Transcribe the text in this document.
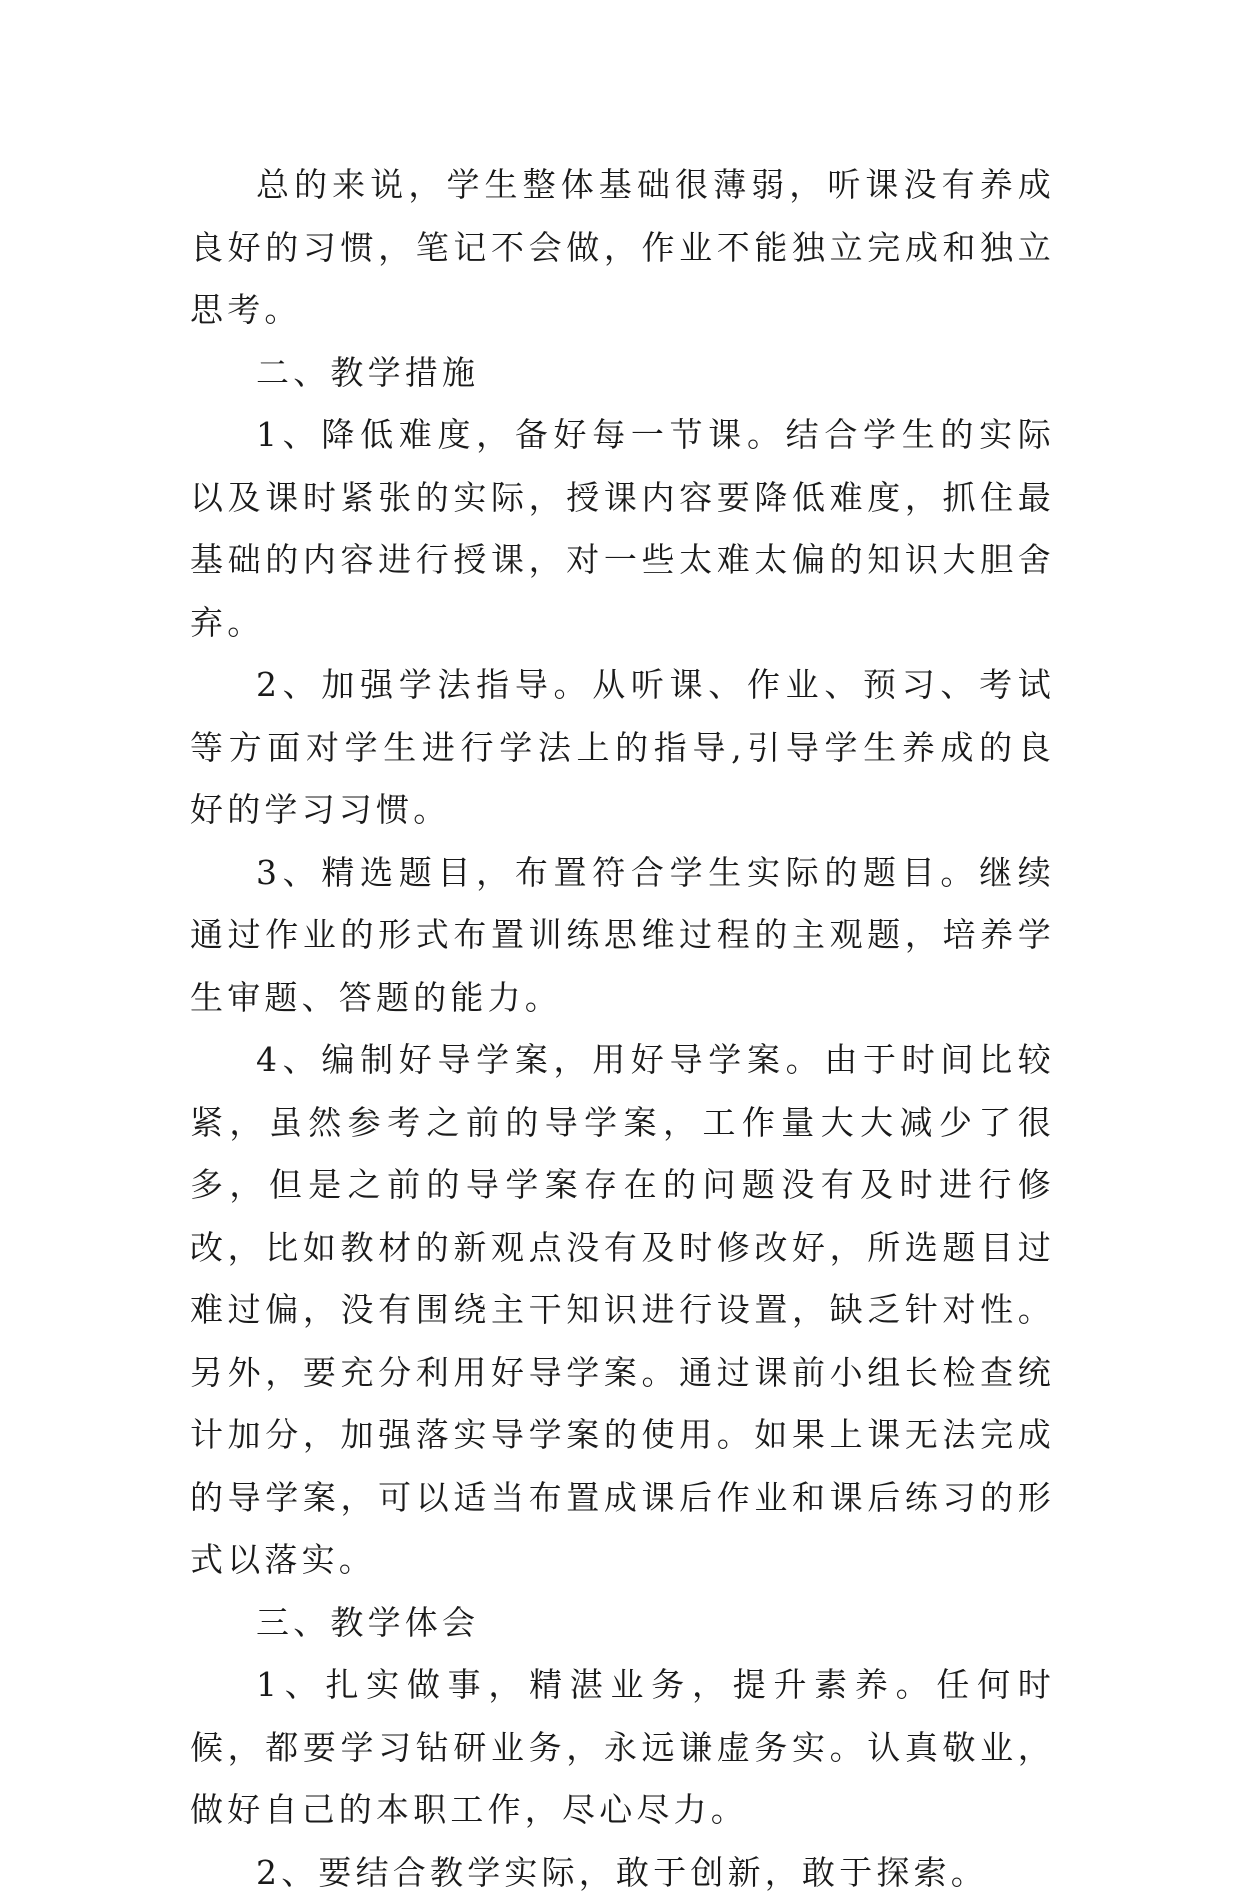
总的来说，学生整体基础很薄弱，听课没有养成良好的习惯，笔记不会做，作业不能独立完成和独立思考。

二、教学措施

1、降低难度，备好每一节课。结合学生的实际以及课时紧张的实际，授课内容要降低难度，抓住最基础的内容进行授课，对一些太难太偏的知识大胆舍弃。

2、加强学法指导。从听课、作业、预习、考试等方面对学生进行学法上的指导,引导学生养成的良好的学习习惯。

3、精选题目，布置符合学生实际的题目。继续通过作业的形式布置训练思维过程的主观题，培养学生审题、答题的能力。

4、编制好导学案，用好导学案。由于时间比较紧，虽然参考之前的导学案，工作量大大减少了很多，但是之前的导学案存在的问题没有及时进行修改，比如教材的新观点没有及时修改好，所选题目过难过偏，没有围绕主干知识进行设置，缺乏针对性。另外，要充分利用好导学案。通过课前小组长检查统计加分，加强落实导学案的使用。如果上课无法完成的导学案，可以适当布置成课后作业和课后练习的形式以落实。

三、教学体会

1、扎实做事，精湛业务，提升素养。任何时候，都要学习钻研业务，永远谦虚务实。认真敬业，做好自己的本职工作，尽心尽力。

2、要结合教学实际，敢于创新，敢于探索。
